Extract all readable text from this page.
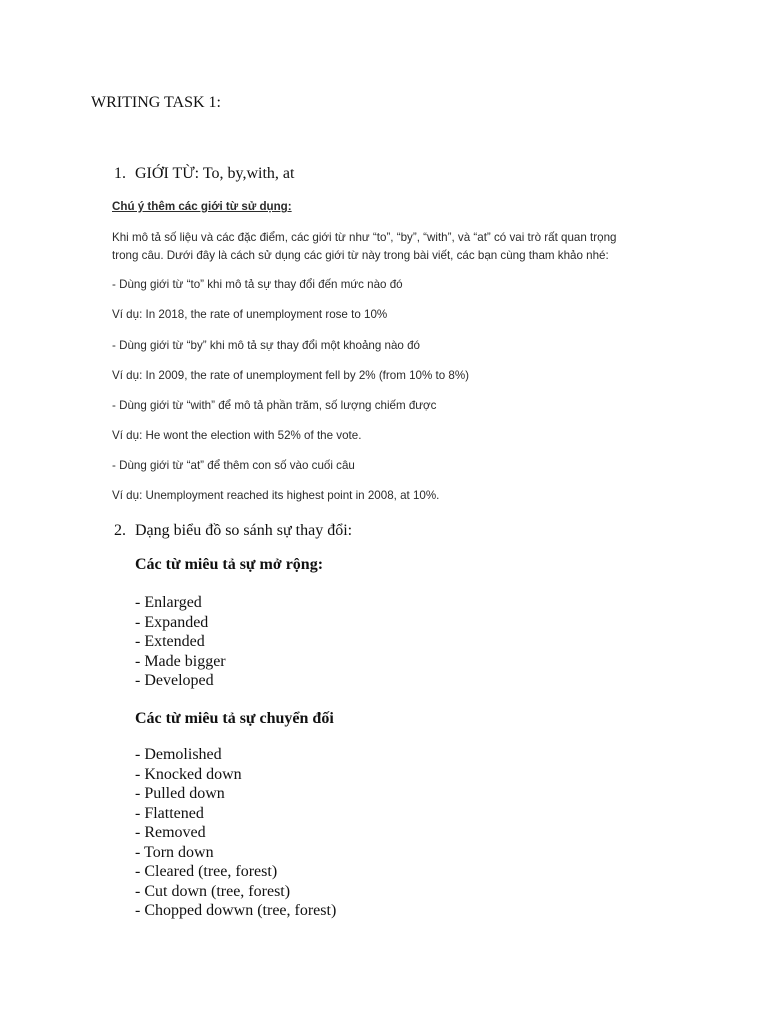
WRITING TASK 1:
1. GIỚI TỪ: To, by,with, at

Chú ý thêm các giới từ sử dụng:

Khi mô tả số liệu và các đặc điểm, các giới từ như “to”, “by”, “with”, và “at” có vai trò rất quan trọng

trong câu. Dưới đây là cách sử dụng các giới từ này trong bài viết, các bạn cùng tham khảo nhé:

- Dùng giới từ “to” khi mô tả sự thay đổi đến mức nào đó

Ví dụ: In 2018, the rate of unemployment rose to 10%

- Dùng giới từ “by” khi mô tả sự thay đổi một khoảng nào đó

Ví dụ: In 2009, the rate of unemployment fell by 2% (from 10% to 8%)

- Dùng giới từ “with” để mô tả phần trăm, số lượng chiếm được

Ví dụ: He wont the election with 52% of the vote.

- Dùng giới từ “at” để thêm con số vào cuối câu

Ví dụ: Unemployment reached its highest point in 2008, at 10%.

2. Dạng biểu đồ so sánh sự thay đổi:
Các từ miêu tả sự mở rộng:
- Enlarged
- Expanded
- Extended
- Made bigger
- Developed
Các từ miêu tả sự chuyển đối
- Demolished
- Knocked down
- Pulled down
- Flattened
- Removed
- Torn down
- Cleared (tree, forest)
- Cut down (tree, forest)
- Chopped dowwn (tree, forest)
